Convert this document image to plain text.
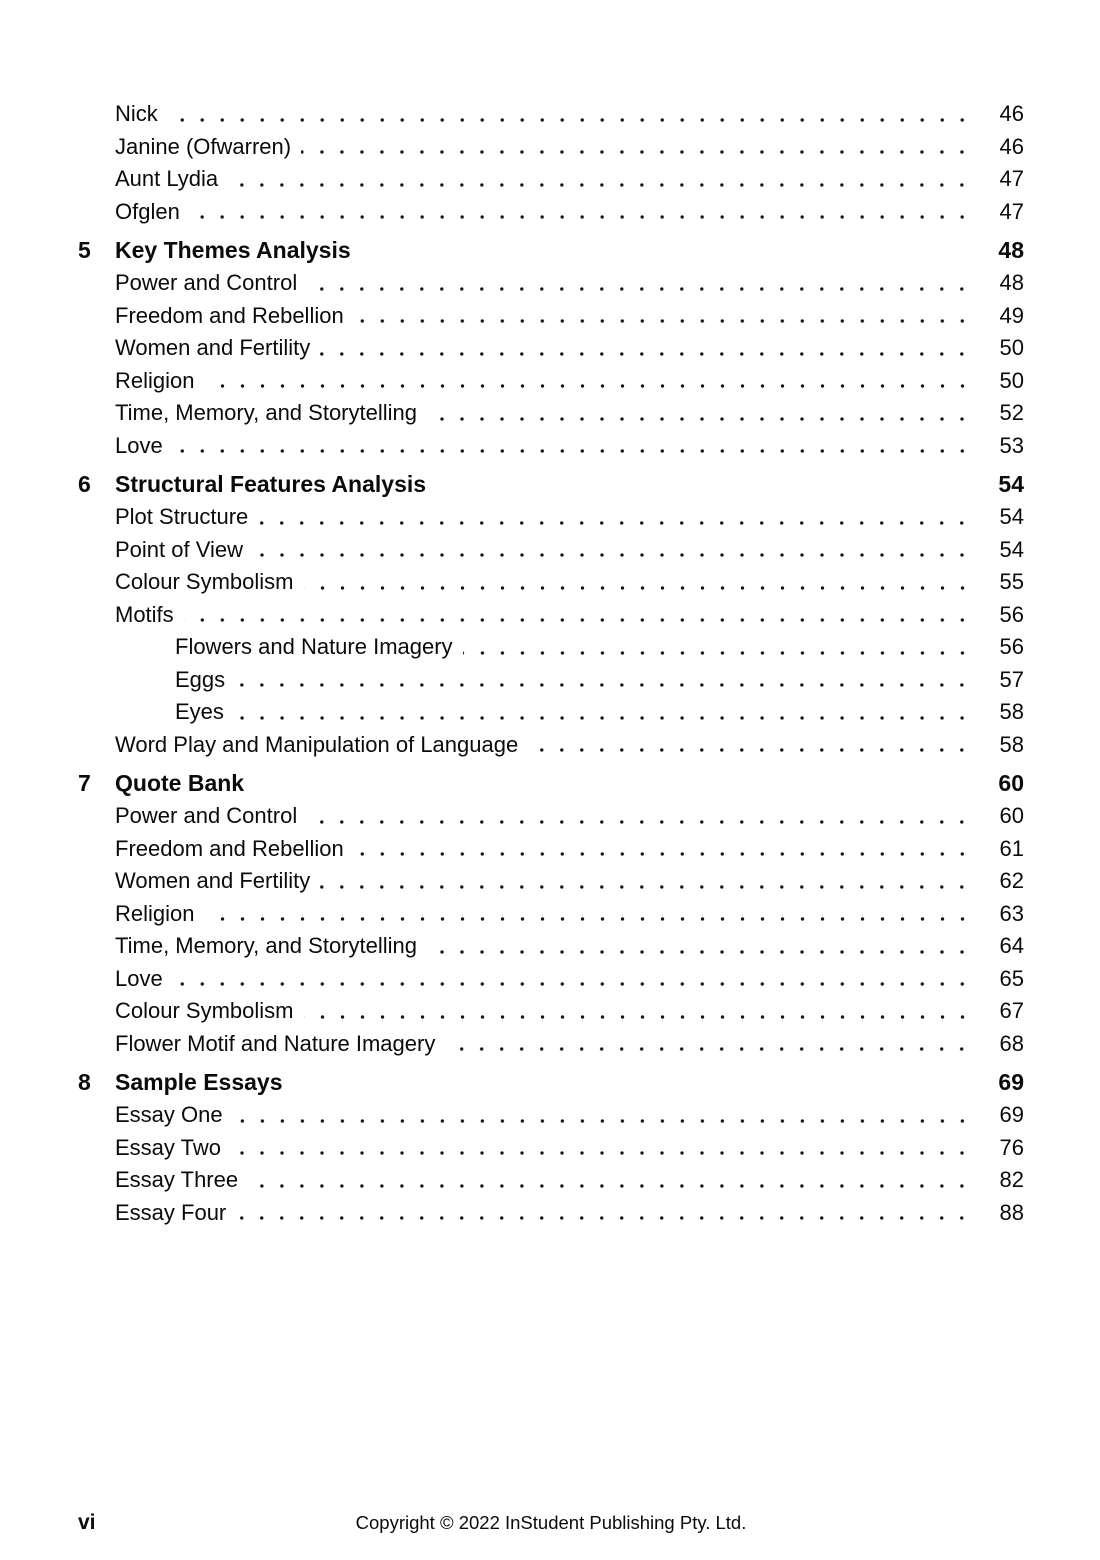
Nick	46
Janine (Ofwarren)	46
Aunt Lydia	47
Ofglen	47
5	Key Themes Analysis	48
Power and Control	48
Freedom and Rebellion	49
Women and Fertility	50
Religion	50
Time, Memory, and Storytelling	52
Love	53
6	Structural Features Analysis	54
Plot Structure	54
Point of View	54
Colour Symbolism	55
Motifs	56
Flowers and Nature Imagery	56
Eggs	57
Eyes	58
Word Play and Manipulation of Language	58
7	Quote Bank	60
Power and Control	60
Freedom and Rebellion	61
Women and Fertility	62
Religion	63
Time, Memory, and Storytelling	64
Love	65
Colour Symbolism	67
Flower Motif and Nature Imagery	68
8	Sample Essays	69
Essay One	69
Essay Two	76
Essay Three	82
Essay Four	88
vi	Copyright © 2022 InStudent Publishing Pty. Ltd.
